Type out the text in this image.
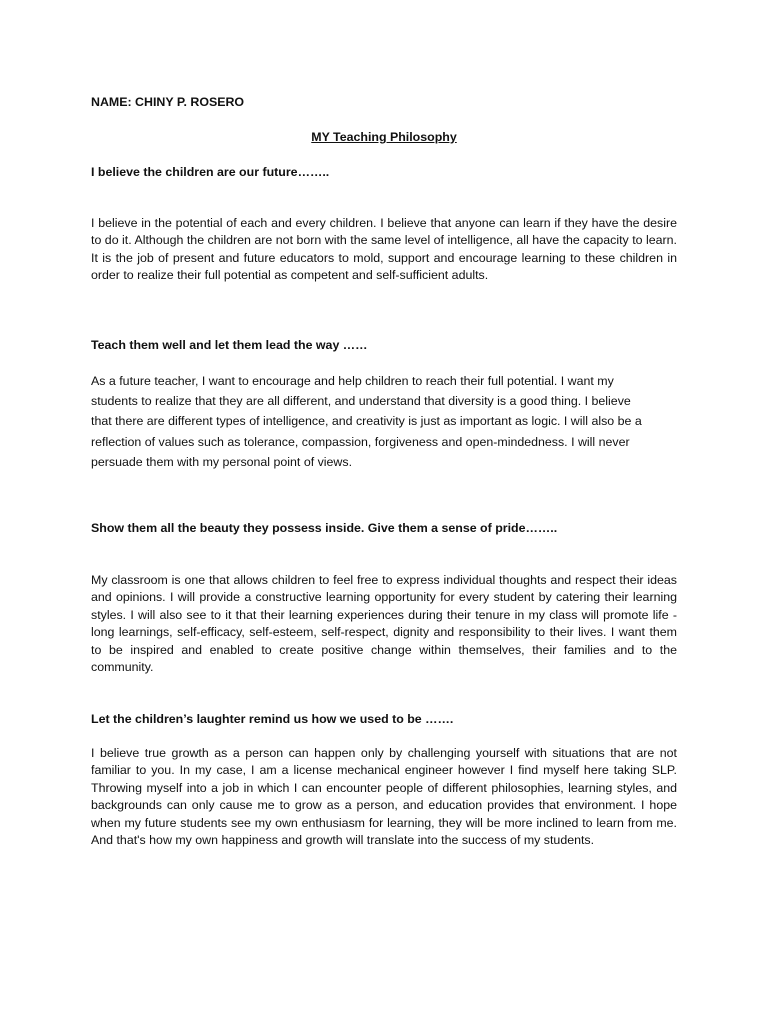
NAME: CHINY P. ROSERO

MY Teaching Philosophy

I believe the children are our future……..

I believe in the potential of each and every children. I believe that anyone can learn if they have the desire to do it. Although the children are not born with the same level of intelligence, all have the capacity to learn. It is the job of present and future educators to mold, support and encourage learning to these children in order to realize their full potential as competent and self-sufficient adults.

Teach them well and let them lead the way ……

As a future teacher, I want to encourage and help children to reach their full potential. I want my students to realize that they are all different, and understand that diversity is a good thing. I believe that there are different types of intelligence, and creativity is just as important as logic. I will also be a reflection of values such as tolerance, compassion, forgiveness and open-mindedness. I will never persuade them with my personal point of views.

Show them all the beauty they possess inside. Give them a sense of pride……..

My classroom is one that allows children to feel free to express individual thoughts and respect their ideas and opinions. I will provide a constructive learning opportunity for every student by catering their learning styles. I will also see to it that their learning experiences during their tenure in my class will promote life -long learnings, self-efficacy, self-esteem, self-respect, dignity and responsibility to their lives. I want them to be inspired and enabled to create positive change within themselves, their families and to the community.

Let the children’s laughter remind us how we used to be …….

I believe true growth as a person can happen only by challenging yourself with situations that are not familiar to you. In my case, I am a license mechanical engineer however I find myself here taking SLP. Throwing myself into a job in which I can encounter people of different philosophies, learning styles, and backgrounds can only cause me to grow as a person, and education provides that environment. I hope when my future students see my own enthusiasm for learning, they will be more inclined to learn from me. And that's how my own happiness and growth will translate into the success of my students.
